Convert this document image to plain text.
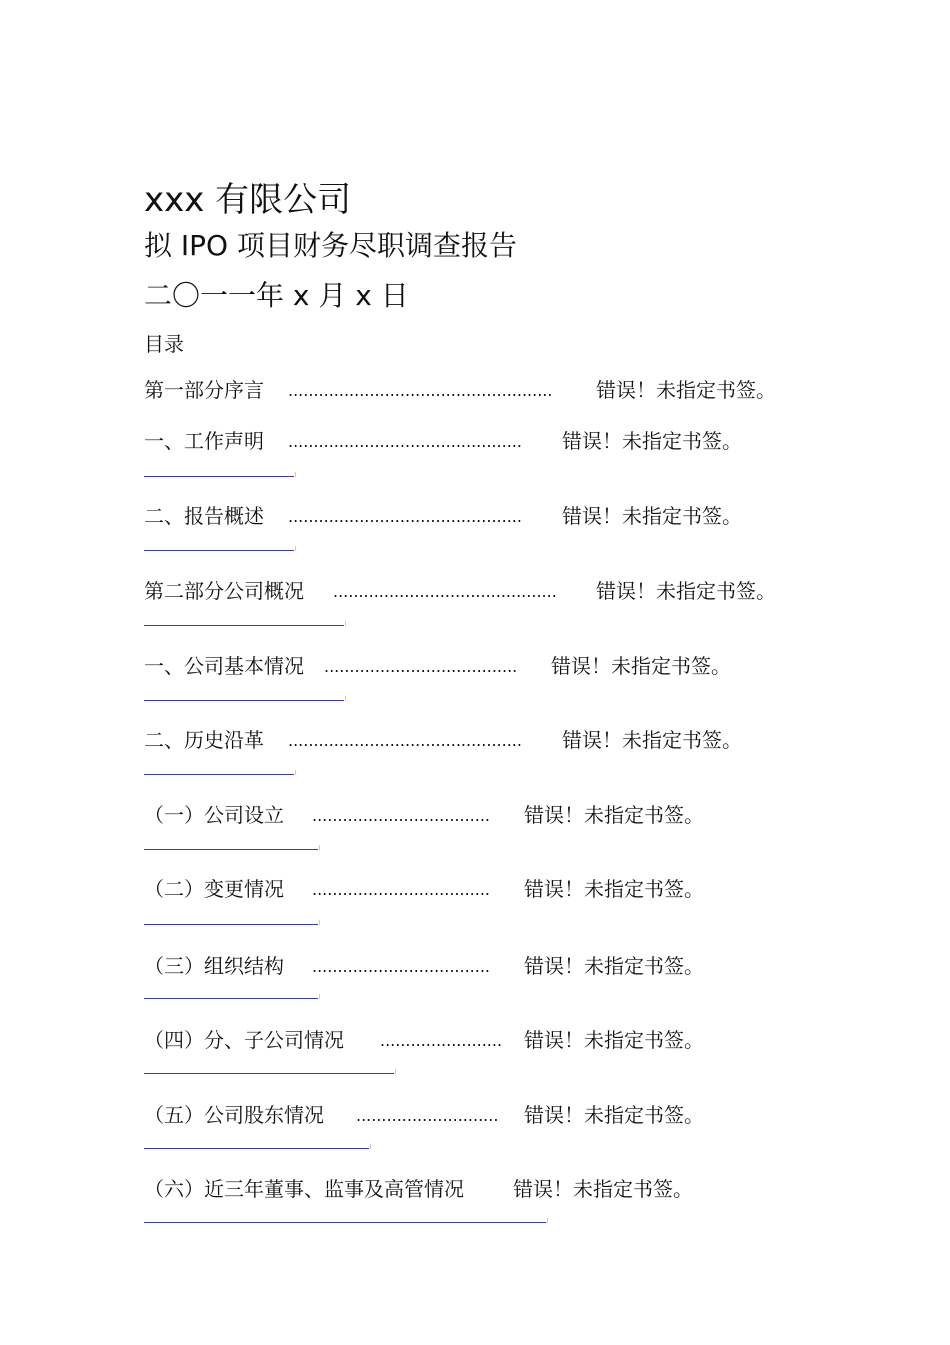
xxx 有限公司
拟 IPO 项目财务尽职调查报告
二〇一一年 x 月 x 日
目录
第一部分序言 .................................................... 错误！未指定书签。
一、工作声明 .............................................. 错误！未指定书签。
二、报告概述 .............................................. 错误！未指定书签。
第二部分公司概况 ............................................ 错误！未指定书签。
一、公司基本情况 ...................................... 错误！未指定书签。
二、历史沿革 .............................................. 错误！未指定书签。
（一）公司设立 ................................... 错误！未指定书签。
（二）变更情况 ................................... 错误！未指定书签。
（三）组织结构 ................................... 错误！未指定书签。
（四）分、子公司情况 ........................ 错误！未指定书签。
（五）公司股东情况 ............................ 错误！未指定书签。
（六）近三年董事、监事及高管情况 错误！未指定书签。
